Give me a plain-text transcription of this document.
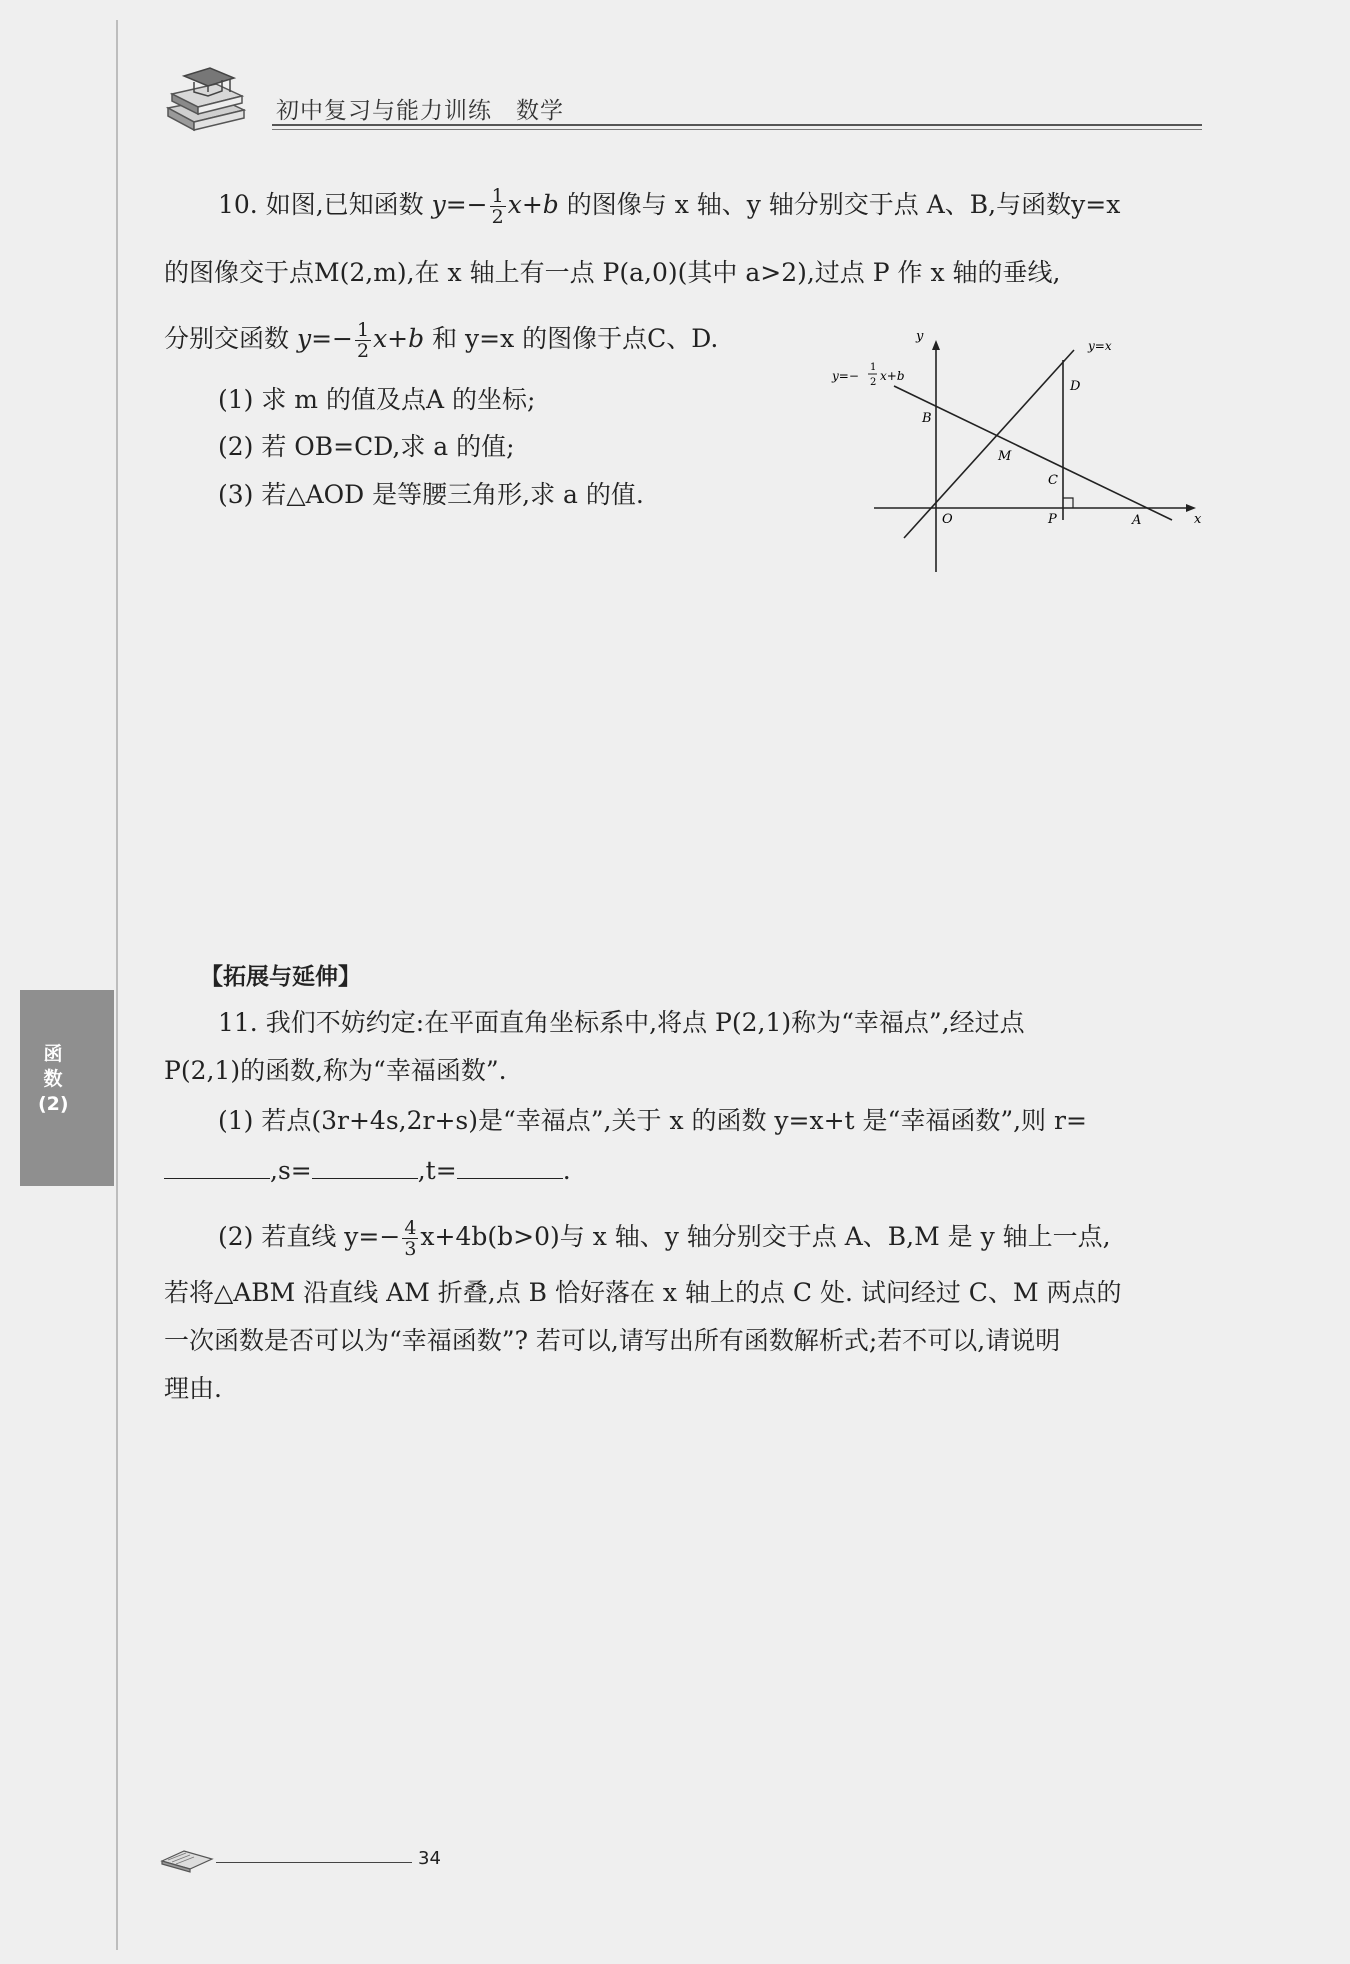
初中复习与能力训练　数学
10. 如图,已知函数 $y=- \frac{1}{2} x+b$ 的图像与 x 轴、y 轴分别交于点 A、B,与函数y=x
的图像交于点M(2,m),在 x 轴上有一点 P(a,0)(其中 a>2),过点 P 作 x 轴的垂线,
分别交函数 $y=- \frac{1}{2} x+b$ 和 y=x 的图像于点C、D.
(1) 求 m 的值及点A 的坐标;
(2) 若 OB=CD,求 a 的值;
(3) 若△AOD 是等腰三角形,求 a 的值.
y
x
y=x
y=−
1
2 x+b
B
M
D
C
O	P	A
【拓展与延伸】
11. 我们不妨约定:在平面直角坐标系中,将点 P(2,1)称为“幸福点”,经过点
P(2,1)的函数,称为“幸福函数”.
(1) 若点(3r+4s,2r+s)是“幸福点”,关于 x 的函数 y=x+t 是“幸福函数”,则 r=
,s=	,t=	.
(2) 若直线 $y=- \frac{4}{3} x+4b(b>0)$与 x 轴、y 轴分别交于点 A、B,M 是 y 轴上一点,
若将△ABM 沿直线 AM 折叠,点 B 恰好落在 x 轴上的点 C 处. 试问经过 C、M 两点的
一次函数是否可以为“幸福函数”? 若可以,请写出所有函数解析式;若不可以,请说明
理由.
函
数
(2)
34
